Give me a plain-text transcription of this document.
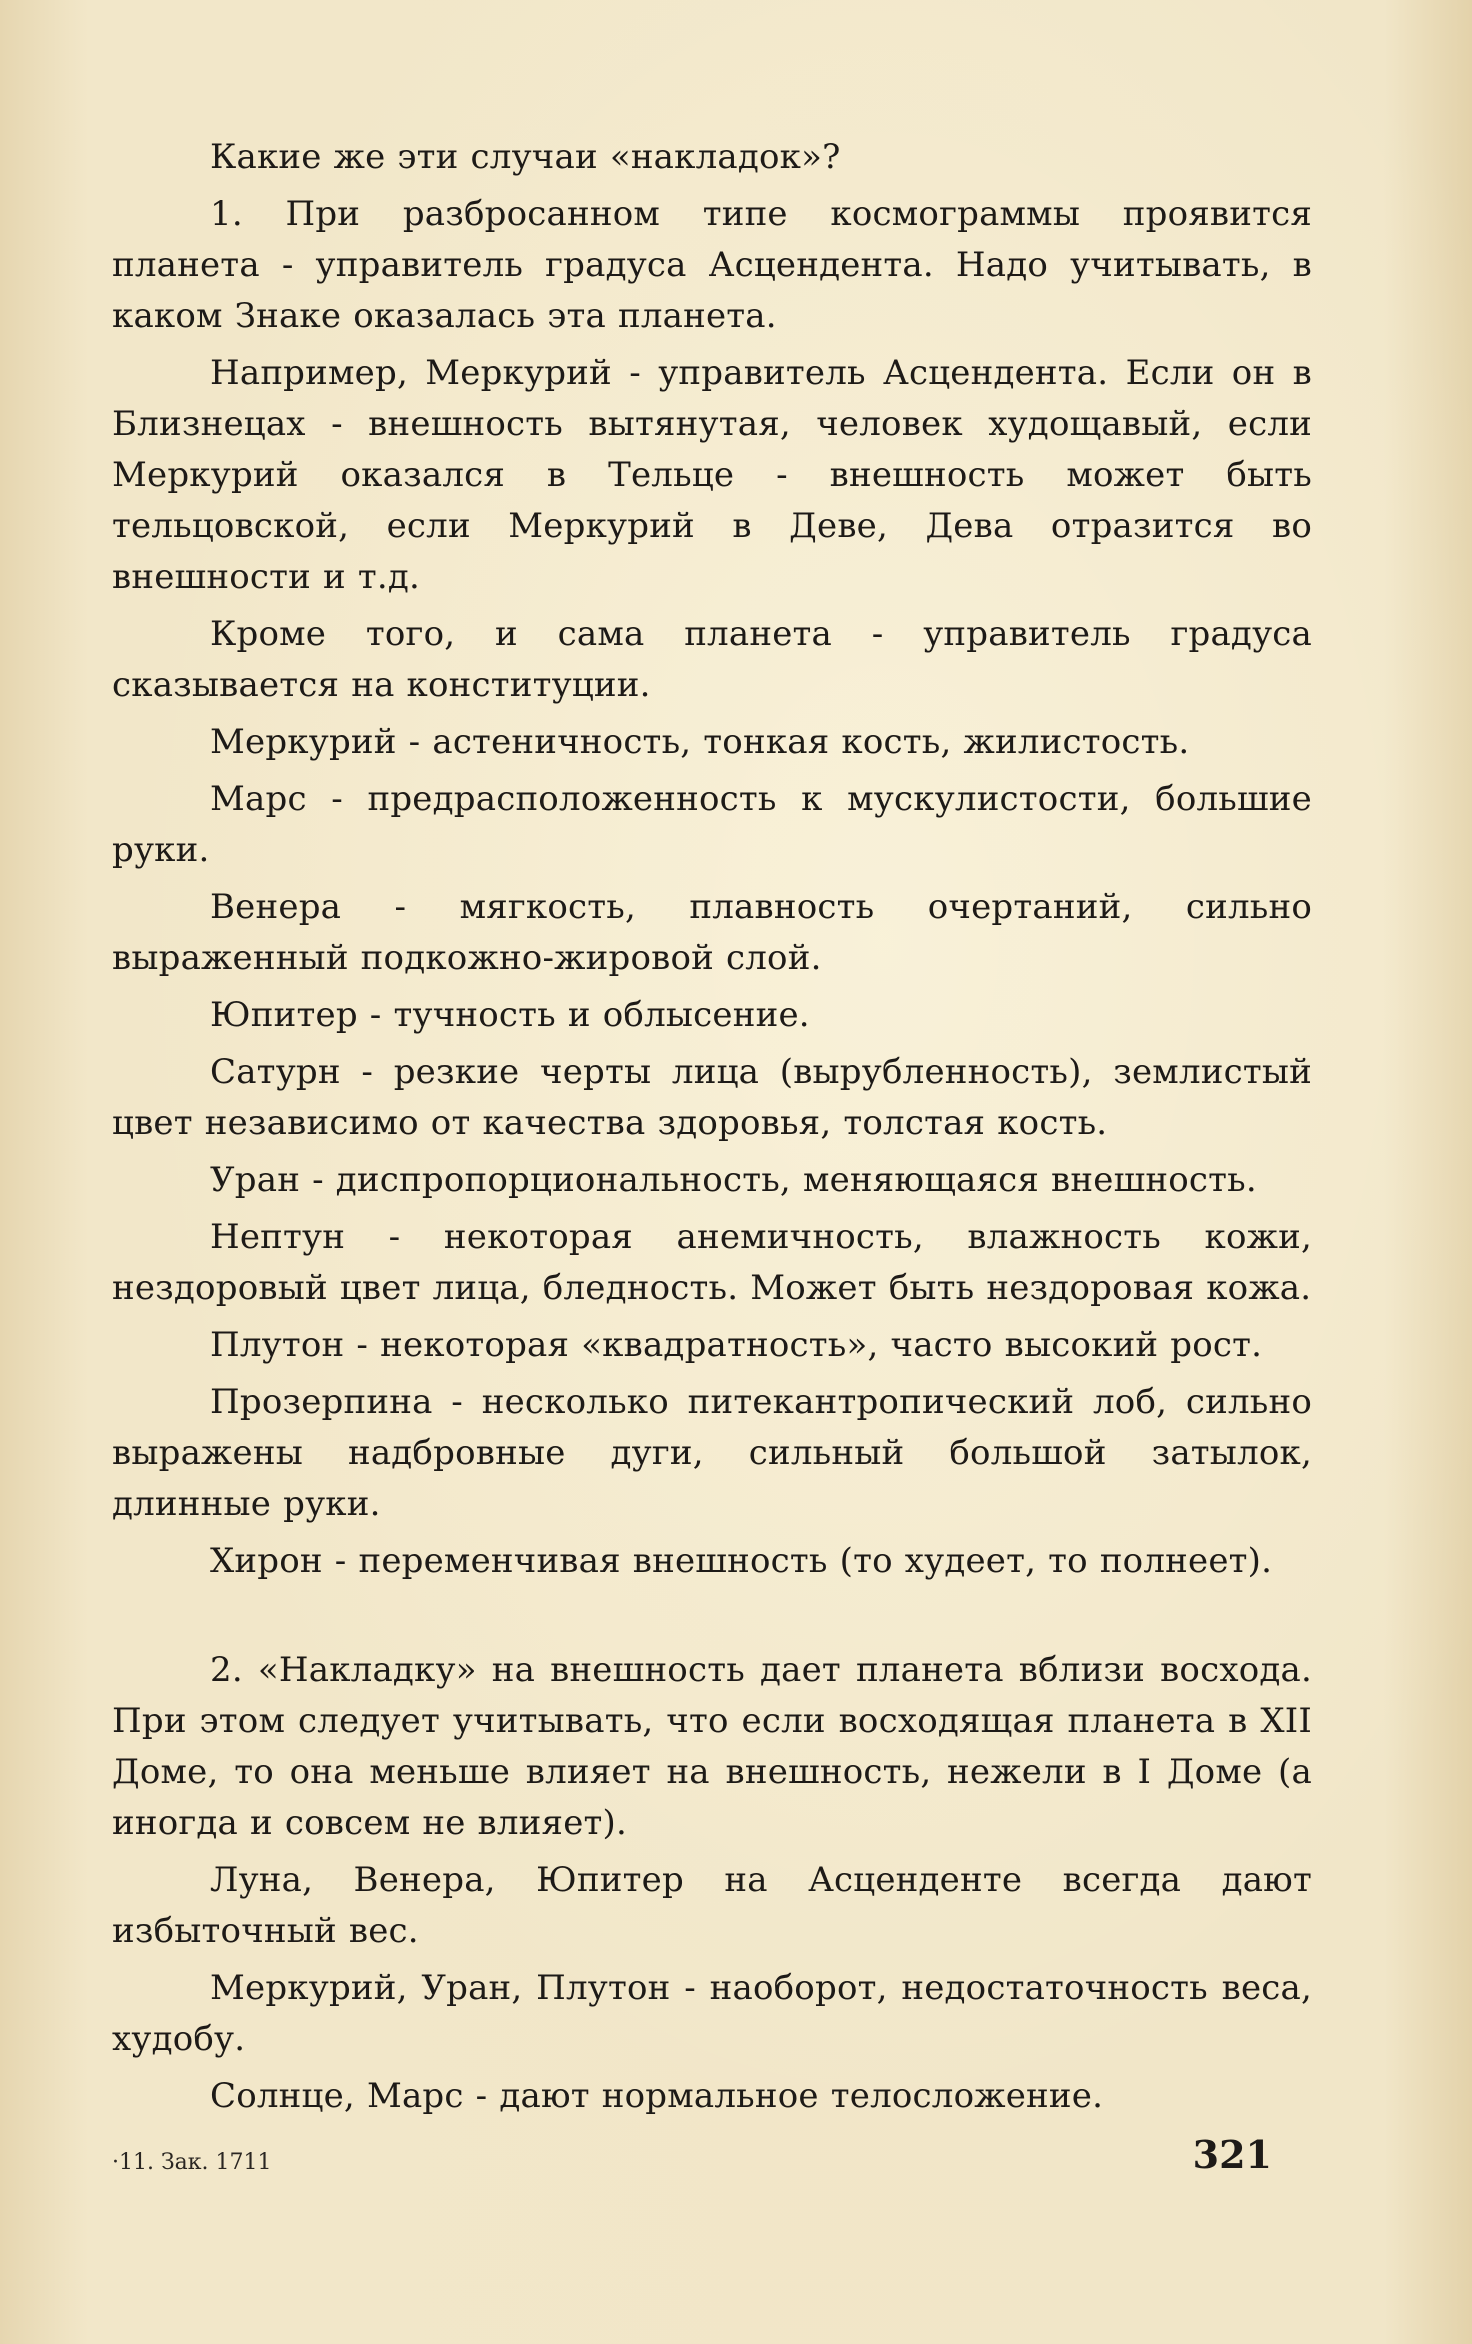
Какие же эти случаи «накладок»?

1. При разбросанном типе космограммы проявится планета - управитель градуса Асцендента. Надо учитывать, в каком Знаке оказалась эта планета.

Например, Меркурий - управитель Асцендента. Если он в Близнецах - внешность вытянутая, человек худощавый, если Меркурий оказался в Тельце - внешность может быть тельцовской, если Меркурий в Деве, Дева отразится во внешности и т.д.

Кроме того, и сама планета - управитель градуса сказывается на конституции.

Меркурий - астеничность, тонкая кость, жилистость.

Марс - предрасположенность к мускулистости, большие руки.

Венера - мягкость, плавность очертаний, сильно выраженный подкожно-жировой слой.

Юпитер - тучность и облысение.

Сатурн - резкие черты лица (вырубленность), землистый цвет независимо от качества здоровья, толстая кость.

Уран - диспропорциональность, меняющаяся внешность.

Нептун - некоторая анемичность, влажность кожи, нездоровый цвет лица, бледность. Может быть нездоровая кожа.

Плутон - некоторая «квадратность», часто высокий рост.

Прозерпина - несколько питекантропический лоб, сильно выражены надбровные дуги, сильный большой затылок, длинные руки.

Хирон - переменчивая внешность (то худеет, то полнеет).

2. «Накладку» на внешность дает планета вблизи восхода. При этом следует учитывать, что если восходящая планета в XII Доме, то она меньше влияет на внешность, нежели в I Доме (а иногда и совсем не влияет).

Луна, Венера, Юпитер на Асценденте всегда дают избыточный вес.

Меркурий, Уран, Плутон - наоборот, недостаточность веса, худобу.

Солнце, Марс - дают нормальное телосложение.

·11. Зак. 1711	321
